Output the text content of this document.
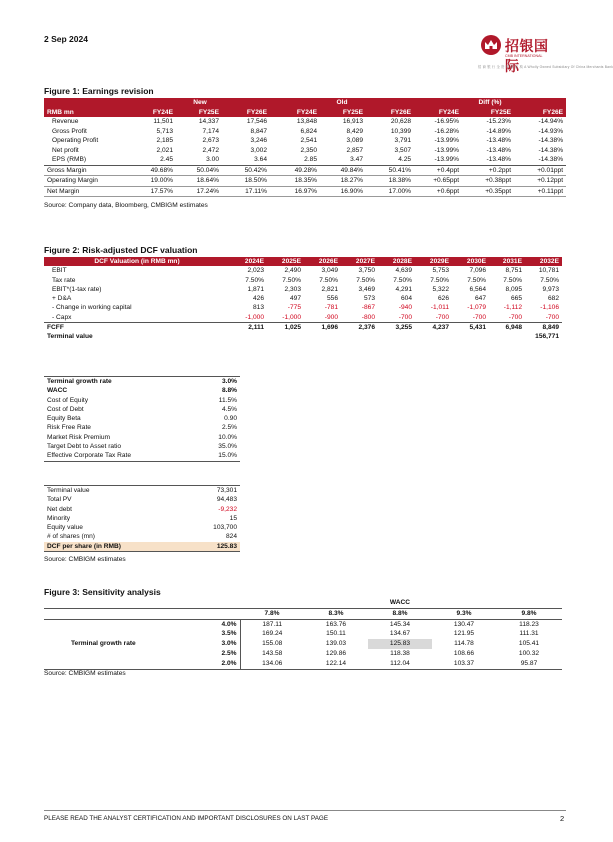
2 Sep 2024	招银国际
CMB INTERNATIONAL
招 商 银 行 全 资 附 属 机 构 A Wholly Owned Subsidiary Of China Merchants Bank
Figure 1: Earnings revision
	New			Old			Diff (%)		
RMB mn	FY24E	FY25E	FY26E	FY24E	FY25E	FY26E	FY24E	FY25E	FY26E
Revenue	11,501	14,337	17,546	13,848	16,913	20,628	-16.95%	-15.23%	-14.94%
Gross Profit	5,713	7,174	8,847	6,824	8,429	10,399	-16.28%	-14.89%	-14.93%
Operating Profit	2,185	2,673	3,246	2,541	3,089	3,791	-13.99%	-13.48%	-14.38%
Net profit	2,021	2,472	3,002	2,350	2,857	3,507	-13.99%	-13.48%	-14.38%
EPS (RMB)	2.45	3.00	3.64	2.85	3.47	4.25	-13.99%	-13.48%	-14.38%
Gross Margin	49.68%	50.04%	50.42%	49.28%	49.84%	50.41%	+0.4ppt	+0.2ppt	+0.01ppt
Operating Margin	19.00%	18.64%	18.50%	18.35%	18.27%	18.38%	+0.65ppt	+0.38ppt	+0.12ppt
Net Margin	17.57%	17.24%	17.11%	16.97%	16.90%	17.00%	+0.6ppt	+0.35ppt	+0.11ppt
Source: Company data, Bloomberg, CMBIGM estimates
Figure 2: Risk-adjusted DCF valuation
DCF Valuation (in RMB mn)	2024E	2025E	2026E	2027E	2028E	2029E	2030E	2031E	2032E
EBIT	2,023	2,490	3,049	3,750	4,639	5,753	7,096	8,751	10,781
Tax rate	7.50%	7.50%	7.50%	7.50%	7.50%	7.50%	7.50%	7.50%	7.50%
EBIT*(1-tax rate)	1,871	2,303	2,821	3,469	4,291	5,322	6,564	8,095	9,973
+ D&A	426	497	556	573	604	626	647	665	682
- Change in working capital	813	-775	-781	-867	-940	-1,011	-1,079	-1,112	-1,106
- Capx	-1,000	-1,000	-900	-800	-700	-700	-700	-700	-700
FCFF	2,111	1,025	1,696	2,376	3,255	4,237	5,431	6,948	8,849
Terminal value									156,771
Terminal growth rate	3.0%
WACC	8.8%
Cost of Equity	11.5%
Cost of Debt	4.5%
Equity Beta	0.90
Risk Free Rate	2.5%
Market Risk Premium	10.0%
Target Debt to Asset ratio	35.0%
Effective Corporate Tax Rate	15.0%
Terminal value	73,301
Total PV	94,483
Net debt	-9,232
Minority	15
Equity value	103,700
# of shares (mn)	824
DCF per share (in RMB)	125.83
Source: CMBIGM estimates
Figure 3: Sensitivity analysis
			WACC		
	7.8%	8.3%	8.8%	9.3%	9.8%

4.0%	187.11	163.76	145.34	130.47	118.23

3.5%	169.24	150.11	134.67	121.95	111.31

Terminal growth rate 3.0%	155.08	139.03	125.83	114.78	105.41

2.5%	143.58	129.86	118.38	108.66	100.32

2.0%	134.06	122.14	112.04	103.37	95.87
Source: CMBIGM estimates
PLEASE READ THE ANALYST CERTIFICATION AND IMPORTANT DISCLOSURES ON LAST PAGE	2
